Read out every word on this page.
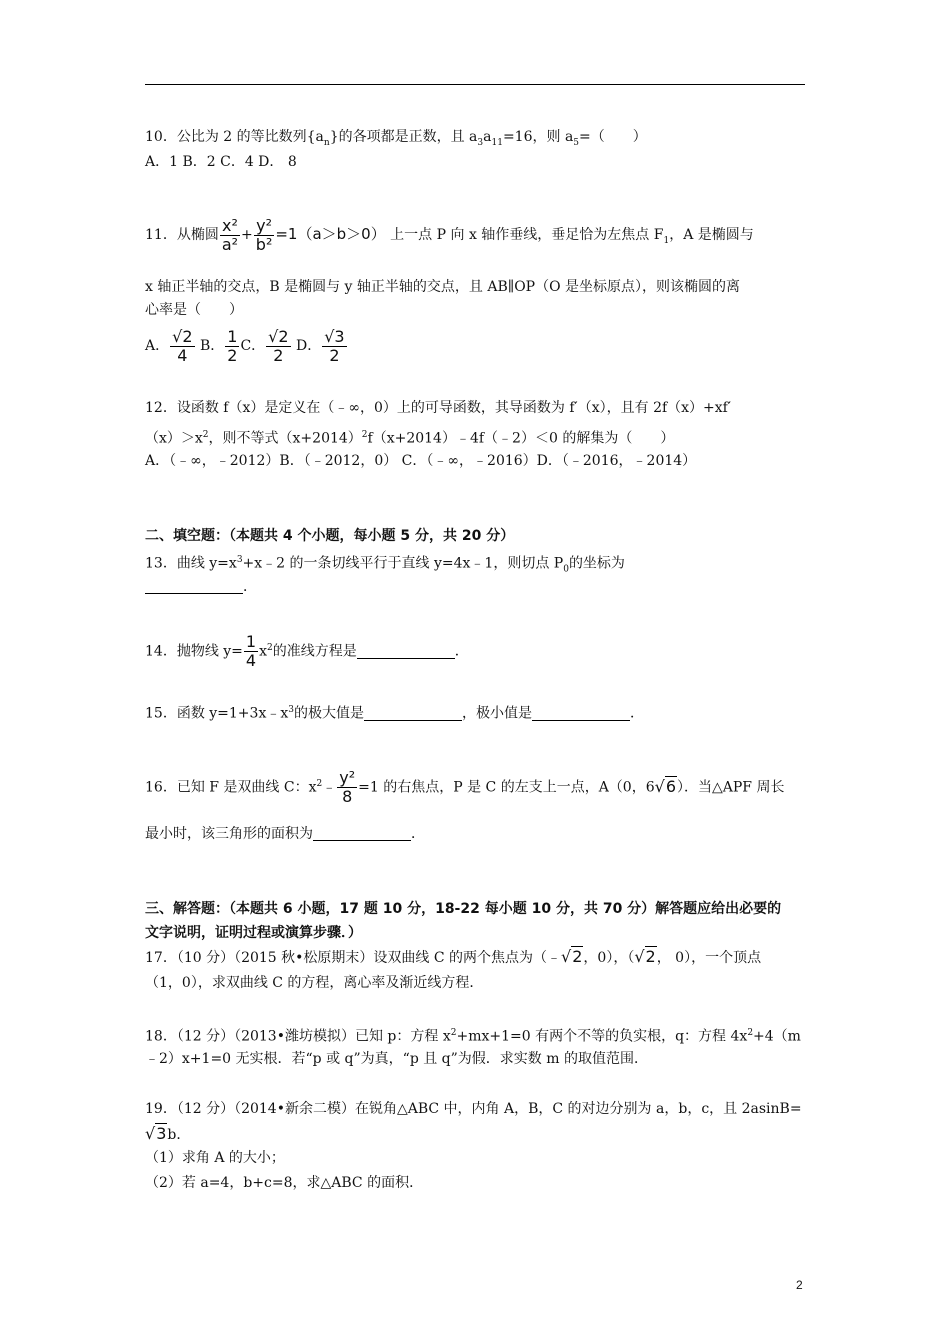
10．公比为 2 的等比数列$\{a_n\}$的各项都是正数，且 $a_3a_{11}=16$，则 $a_5=$（　　）
A．1 B．2 C．4 D． 8
11．从椭圆 $\frac{\text{x²}}{\text{a²}} + \frac{\text{y²}}{\text{b²}} =1(a>b>0)$ 上一点 P 向 x 轴作垂线，垂足恰为左焦点 $F_1$，A 是椭圆与
x 轴正半轴的交点，B 是椭圆与 y 轴正半轴的交点，且 AB∥OP（O 是坐标原点），则该椭圆的离
心率是（　　）
A． $\frac{√2}{4}$ B． $\frac{1}{2}$ C． $\frac{√2}{2}$ D． $\frac{√3}{2}$
12．设函数 f（x）是定义在（﹣∞，0）上的可导函数，其导函数为 f′（x），且有 2f（x）+xf′
$(x)>x^2$，则不等式$(x+2014)^2f(x+2014)﹣4f(﹣2)<0$ 的解集为（　　）
A．（﹣∞，﹣2012）B．（﹣2012，0） C．（﹣∞，﹣2016）D．（﹣2016，﹣2014）
二、填空题：（本题共 4 个小题，每小题 5 分，共 20 分）
13．曲线 $y=x^3+x﹣2$ 的一条切线平行于直线 y=4x﹣1，则切点 $P_0$的坐标为
．
14．抛物线 $y= \frac{1}{4} x^2$的准线方程是	．
15．函数 $y=1+3x﹣x^3$的极大值是	，极小值是	．
16．已知 F 是双曲线 C：$x^2﹣ \frac{\text{y²}}{8} =1$ 的右焦点，P 是 C 的左支上一点，A（0，6√6）．当△APF 周长
最小时，该三角形的面积为	．
三、解答题：（本题共 6 小题，17 题 10 分，18-22 每小题 10 分，共 70 分）解答题应给出必要的
文字说明，证明过程或演算步骤．）
17．（10 分）（2015 秋•松原期末）设双曲线 C 的两个焦点为（﹣√2，0），（√2， 0），一个顶点
（1，0），求双曲线 C 的方程，离心率及渐近线方程．
18．（12 分）（2013•潍坊模拟）已知 p：方程 $x^2+mx+1=0$ 有两个不等的负实根，q：方程 $4x^2+4(m$
﹣2）x+1=0 无实根．若“p 或 q”为真，“p 且 q”为假．求实数 m 的取值范围．
19．（12 分）（2014•新余二模）在锐角△ABC 中，内角 A，B，C 的对边分别为 a，b，c，且 2asinB=
√3b．
（1）求角 A 的大小；
（2）若 a=4，b+c=8，求△ABC 的面积．
2
